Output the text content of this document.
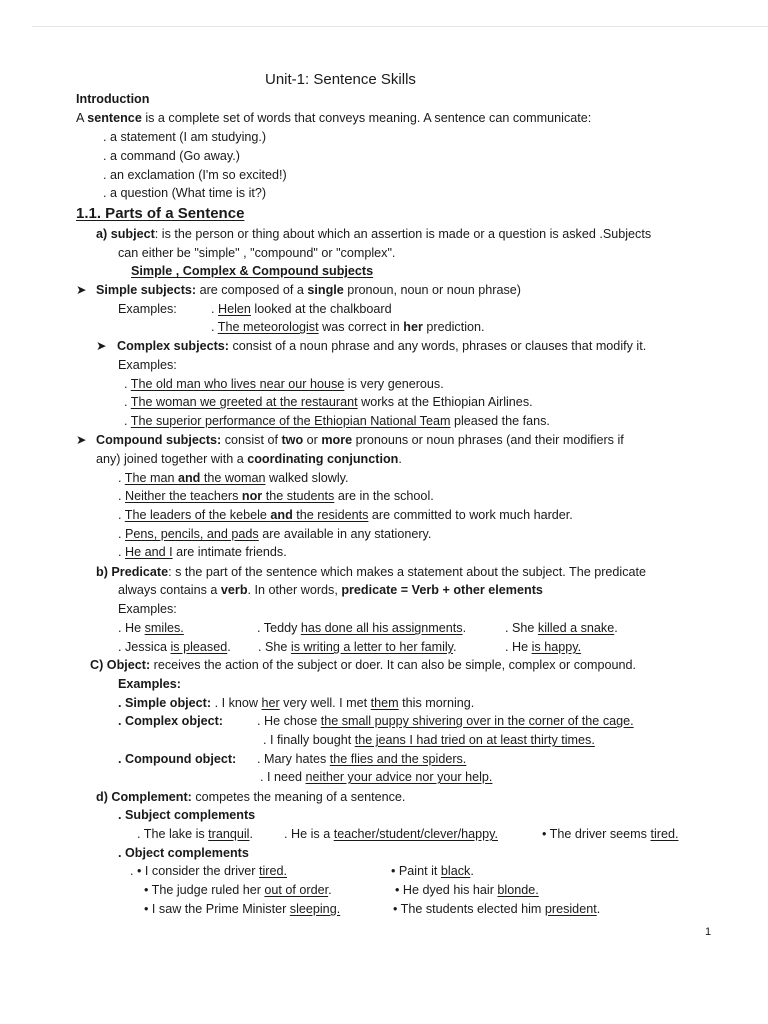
Unit-1: Sentence Skills
Introduction
A sentence is a complete set of words that conveys meaning. A sentence can communicate:
. a statement (I am studying.)
. a command (Go away.)
. an exclamation (I'm so excited!)
. a question (What time is it?)
1.1. Parts of a Sentence
a) subject: is the person or thing about which an assertion is made or a question is asked .Subjects
can either be "simple" , "compound" or "complex".
Simple , Complex & Compound subjects
➤ Simple subjects: are composed of a single pronoun, noun or noun phrase)
Examples:	. Helen looked at the chalkboard
. The meteorologist was correct in her prediction.
➤ Complex subjects: consist of a noun phrase and any words, phrases or clauses that modify it.
Examples:
. The old man who lives near our house is very generous.
. The woman we greeted at the restaurant works at the Ethiopian Airlines.
. The superior performance of the Ethiopian National Team pleased the fans.
➤ Compound subjects: consist of two or more pronouns or noun phrases (and their modifiers if
any) joined together with a coordinating conjunction.
. The man and the woman walked slowly.
. Neither the teachers nor the students are in the school.
. The leaders of the kebele and the residents are committed to work much harder.
. Pens, pencils, and pads are available in any stationery.
. He and I are intimate friends.
b) Predicate: s the part of the sentence which makes a statement about the subject. The predicate
always contains a verb. In other words, predicate = Verb + other elements
Examples:
. He smiles.	. Teddy has done all his assignments.	. She killed a snake.
. Jessica is pleased. . She is writing a letter to her family.	. He is happy.
C) Object: receives the action of the subject or doer. It can also be simple, complex or compound.
Examples:
. Simple object: . I know her very well. I met them this morning.
. Complex object:	. He chose the small puppy shivering over in the corner of the cage.
. I finally bought the jeans I had tried on at least thirty times.
. Compound object: . Mary hates the flies and the spiders.
. I need neither your advice nor your help.
d) Complement: competes the meaning of a sentence.
. Subject complements
. The lake is tranquil. . He is a teacher/student/clever/happy.	• The driver seems tired.
. Object complements
. • I consider the driver tired.	• Paint it black.
• The judge ruled her out of order.	• He dyed his hair blonde.
• I saw the Prime Minister sleeping.	• The students elected him president.
1
